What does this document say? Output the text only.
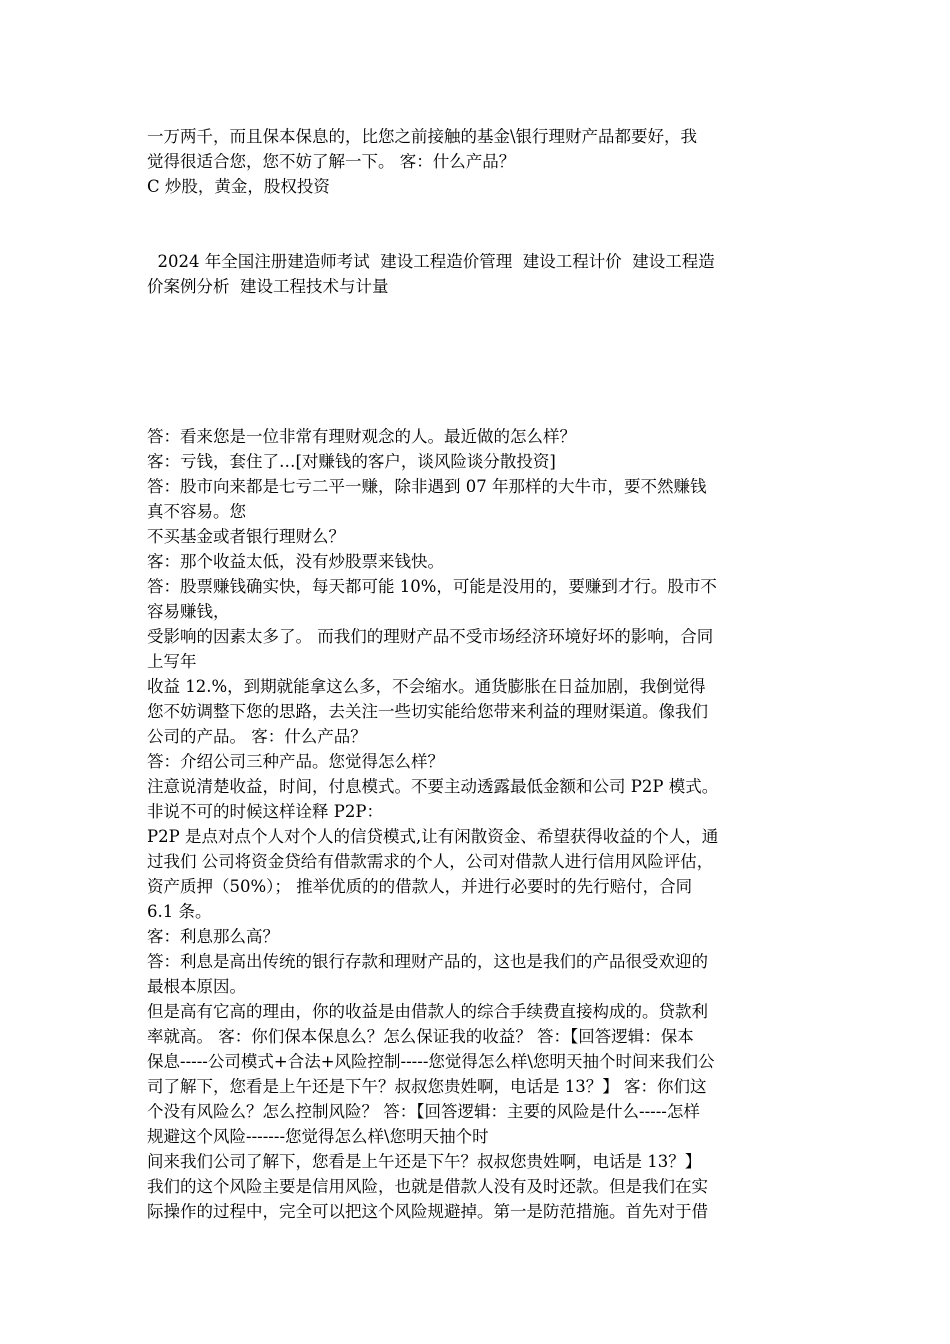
一万两千，而且保本保息的，比您之前接触的基金\银行理财产品都要好，我
觉得很适合您，您不妨了解一下。 客：什么产品？
C 炒股，黄金，股权投资
2024 年全国注册建造师考试  建设工程造价管理  建设工程计价  建设工程造
价案例分析  建设工程技术与计量
答：看来您是一位非常有理财观念的人。最近做的怎么样？
客：亏钱，套住了…[对赚钱的客户，谈风险谈分散投资]
答：股市向来都是七亏二平一赚，除非遇到 07 年那样的大牛市，要不然赚钱
真不容易。您
不买基金或者银行理财么？
客：那个收益太低，没有炒股票来钱快。
答：股票赚钱确实快，每天都可能 10%，可能是没用的，要赚到才行。股市不
容易赚钱，
受影响的因素太多了。 而我们的理财产品不受市场经济环境好坏的影响，合同
上写年
收益 12.%，到期就能拿这么多，不会缩水。通货膨胀在日益加剧，我倒觉得
您不妨调整下您的思路，去关注一些切实能给您带来利益的理财渠道。像我们
公司的产品。 客：什么产品？
答：介绍公司三种产品。您觉得怎么样？
注意说清楚收益，时间，付息模式。不要主动透露最低金额和公司 P2P 模式。
非说不可的时候这样诠释 P2P：
P2P 是点对点个人对个人的信贷模式,让有闲散资金、希望获得收益的个人，通
过我们 公司将资金贷给有借款需求的个人，公司对借款人进行信用风险评估，
资产质押（50%）； 推举优质的的借款人，并进行必要时的先行赔付，合同
6.1 条。
客：利息那么高？
答：利息是高出传统的银行存款和理财产品的，这也是我们的产品很受欢迎的
最根本原因。
但是高有它高的理由，你的收益是由借款人的综合手续费直接构成的。贷款利
率就高。 客：你们保本保息么？怎么保证我的收益？ 答：【回答逻辑：保本
保息-----公司模式+合法+风险控制-----您觉得怎么样\您明天抽个时间来我们公
司了解下，您看是上午还是下午？叔叔您贵姓啊，电话是 13？】 客：你们这
个没有风险么？怎么控制风险？ 答：【回答逻辑：主要的风险是什么-----怎样
规避这个风险-------您觉得怎么样\您明天抽个时
间来我们公司了解下，您看是上午还是下午？叔叔您贵姓啊，电话是 13？】
我们的这个风险主要是信用风险，也就是借款人没有及时还款。但是我们在实
际操作的过程中，完全可以把这个风险规避掉。第一是防范措施。首先对于借
